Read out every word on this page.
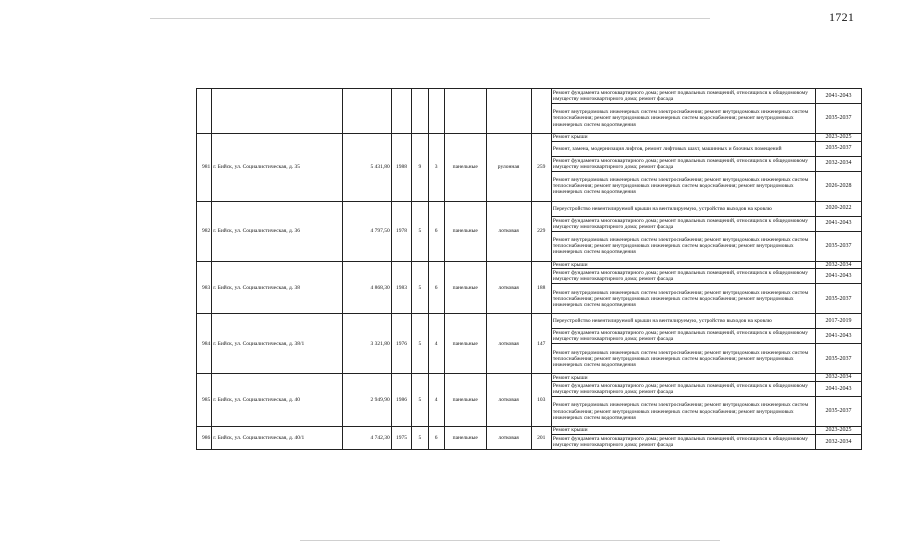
1721
									Ремонт фундамента многоквартирного дома; ремонт подвальных помещений, относящихся к общедомовому имуществу многоквартирного дома; ремонт фасада	2041-2043
									Ремонт внутридомовых инженерных систем электроснабжения; ремонт внутридомовых инженерных систем теплоснабжения; ремонт внутридомовых инженерных систем водоснабжения; ремонт внутридомовых инженерных систем водоотведения	2035-2037
981	г. Бийск, ул. Социалистическая, д. 35	5 431,80	1988	9	3	панельные	рулонная	259	Ремонт крыши	2023-2025
									Ремонт, замена, модернизация лифтов, ремонт лифтовых шахт, машинных и блочных помещений	2035-2037
									Ремонт фундамента многоквартирного дома; ремонт подвальных помещений, относящихся к общедомовому имуществу многоквартирного дома; ремонт фасада	2032-2034
									Ремонт внутридомовых инженерных систем электроснабжения; ремонт внутридомовых инженерных систем теплоснабжения; ремонт внутридомовых инженерных систем водоснабжения; ремонт внутридомовых инженерных систем водоотведения	2026-2028
982	г. Бийск, ул. Социалистическая, д. 36	4 797,50	1978	5	6	панельные	лотковая	229	Переустройство невентилируемой крыши на вентилируемую, устройство выходов на кровлю	2020-2022
									Ремонт фундамента многоквартирного дома; ремонт подвальных помещений, относящихся к общедомовому имуществу многоквартирного дома; ремонт фасада	2041-2043
									Ремонт внутридомовых инженерных систем электроснабжения; ремонт внутридомовых инженерных систем теплоснабжения; ремонт внутридомовых инженерных систем водоснабжения; ремонт внутридомовых инженерных систем водоотведения	2035-2037
983	г. Бийск, ул. Социалистическая, д. 38	4 868,30	1983	5	6	панельные	лотковая	188	Ремонт крыши	2032-2034
									Ремонт фундамента многоквартирного дома; ремонт подвальных помещений, относящихся к общедомовому имуществу многоквартирного дома; ремонт фасада	2041-2043
									Ремонт внутридомовых инженерных систем электроснабжения; ремонт внутридомовых инженерных систем теплоснабжения; ремонт внутридомовых инженерных систем водоснабжения; ремонт внутридомовых инженерных систем водоотведения	2035-2037
984	г. Бийск, ул. Социалистическая, д. 38/1	3 321,80	1976	5	4	панельные	лотковая	147	Переустройство невентилируемой крыши на вентилируемую, устройство выходов на кровлю	2017-2019
									Ремонт фундамента многоквартирного дома; ремонт подвальных помещений, относящихся к общедомовому имуществу многоквартирного дома; ремонт фасада	2041-2043
									Ремонт внутридомовых инженерных систем электроснабжения; ремонт внутридомовых инженерных систем теплоснабжения; ремонт внутридомовых инженерных систем водоснабжения; ремонт внутридомовых инженерных систем водоотведения	2035-2037
985	г. Бийск, ул. Социалистическая, д. 40	2 949,90	1986	5	4	панельные	лотковая	103	Ремонт крыши	2032-2034
									Ремонт фундамента многоквартирного дома; ремонт подвальных помещений, относящихся к общедомовому имуществу многоквартирного дома; ремонт фасада	2041-2043
									Ремонт внутридомовых инженерных систем электроснабжения; ремонт внутридомовых инженерных систем теплоснабжения; ремонт внутридомовых инженерных систем водоснабжения; ремонт внутридомовых инженерных систем водоотведения	2035-2037
986	г. Бийск, ул. Социалистическая, д. 40/1	4 742,30	1975	5	6	панельные	лотковая	201	Ремонт крыши	2023-2025
									Ремонт фундамента многоквартирного дома; ремонт подвальных помещений, относящихся к общедомовому имуществу многоквартирного дома; ремонт фасада	2032-2034
